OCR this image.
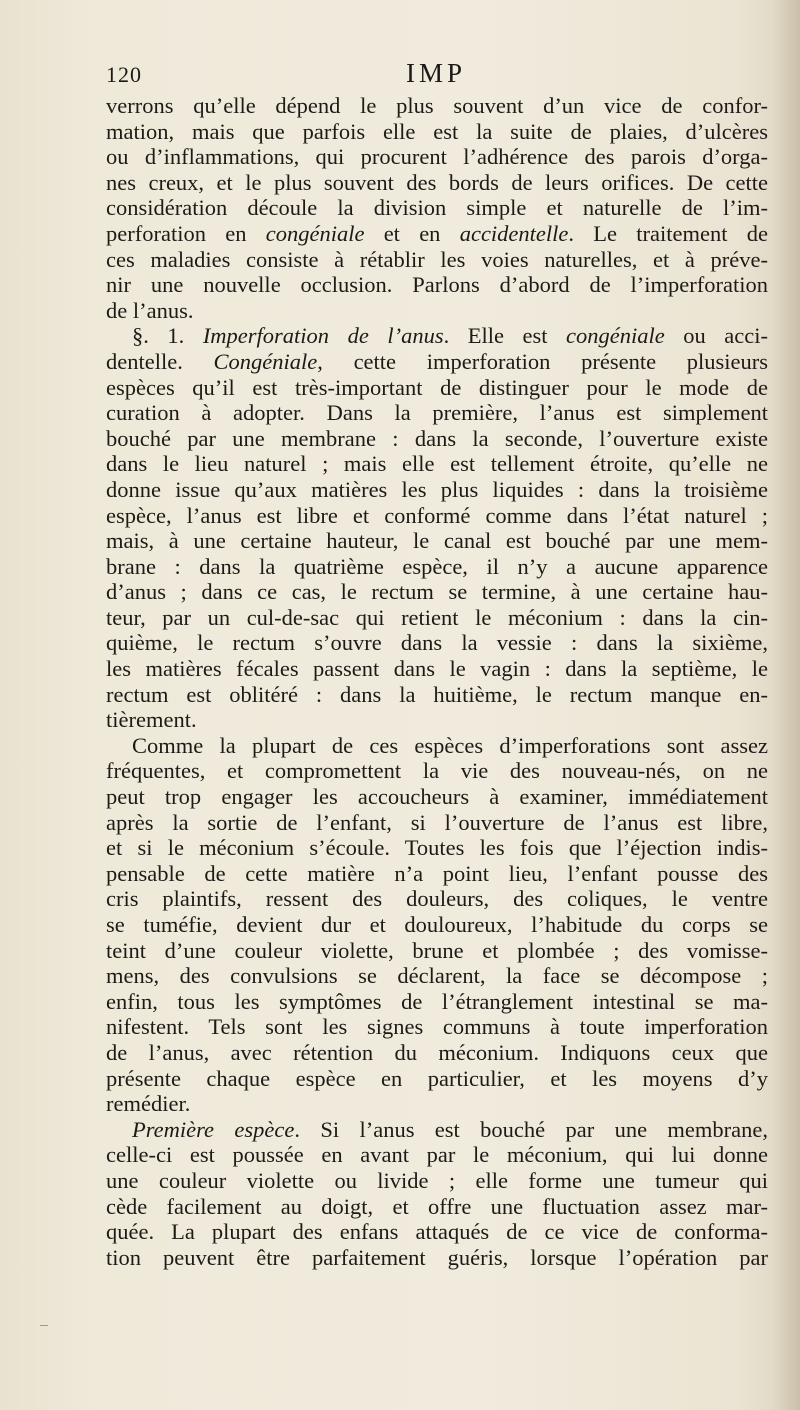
120	IMP
verrons qu’elle dépend le plus souvent d’un vice de confor-
mation, mais que parfois elle est la suite de plaies, d’ulcères
ou d’inflammations, qui procurent l’adhérence des parois d’orga-
nes creux, et le plus souvent des bords de leurs orifices. De cette
considération découle la division simple et naturelle de l’im-
perforation en congéniale et en accidentelle. Le traitement de
ces maladies consiste à rétablir les voies naturelles, et à préve-
nir une nouvelle occlusion. Parlons d’abord de l’imperforation
de l’anus.
§. 1. Imperforation de l’anus. Elle est congéniale ou acci-
dentelle. Congéniale, cette imperforation présente plusieurs
espèces qu’il est très-important de distinguer pour le mode de
curation à adopter. Dans la première, l’anus est simplement
bouché par une membrane : dans la seconde, l’ouverture existe
dans le lieu naturel ; mais elle est tellement étroite, qu’elle ne
donne issue qu’aux matières les plus liquides : dans la troisième
espèce, l’anus est libre et conformé comme dans l’état naturel ;
mais, à une certaine hauteur, le canal est bouché par une mem-
brane : dans la quatrième espèce, il n’y a aucune apparence
d’anus ; dans ce cas, le rectum se termine, à une certaine hau-
teur, par un cul-de-sac qui retient le méconium : dans la cin-
quième, le rectum s’ouvre dans la vessie : dans la sixième,
les matières fécales passent dans le vagin : dans la septième, le
rectum est oblitéré : dans la huitième, le rectum manque en-
tièrement.
Comme la plupart de ces espèces d’imperforations sont assez
fréquentes, et compromettent la vie des nouveau-nés, on ne
peut trop engager les accoucheurs à examiner, immédiatement
après la sortie de l’enfant, si l’ouverture de l’anus est libre,
et si le méconium s’écoule. Toutes les fois que l’éjection indis-
pensable de cette matière n’a point lieu, l’enfant pousse des
cris plaintifs, ressent des douleurs, des coliques, le ventre
se tuméfie, devient dur et douloureux, l’habitude du corps se
teint d’une couleur violette, brune et plombée ; des vomisse-
mens, des convulsions se déclarent, la face se décompose ;
enfin, tous les symptômes de l’étranglement intestinal se ma-
nifestent. Tels sont les signes communs à toute imperforation
de l’anus, avec rétention du méconium. Indiquons ceux que
présente chaque espèce en particulier, et les moyens d’y
remédier.
Première espèce. Si l’anus est bouché par une membrane,
celle-ci est poussée en avant par le méconium, qui lui donne
une couleur violette ou livide ; elle forme une tumeur qui
cède facilement au doigt, et offre une fluctuation assez mar-
quée. La plupart des enfans attaqués de ce vice de conforma-
tion peuvent être parfaitement guéris, lorsque l’opération par
